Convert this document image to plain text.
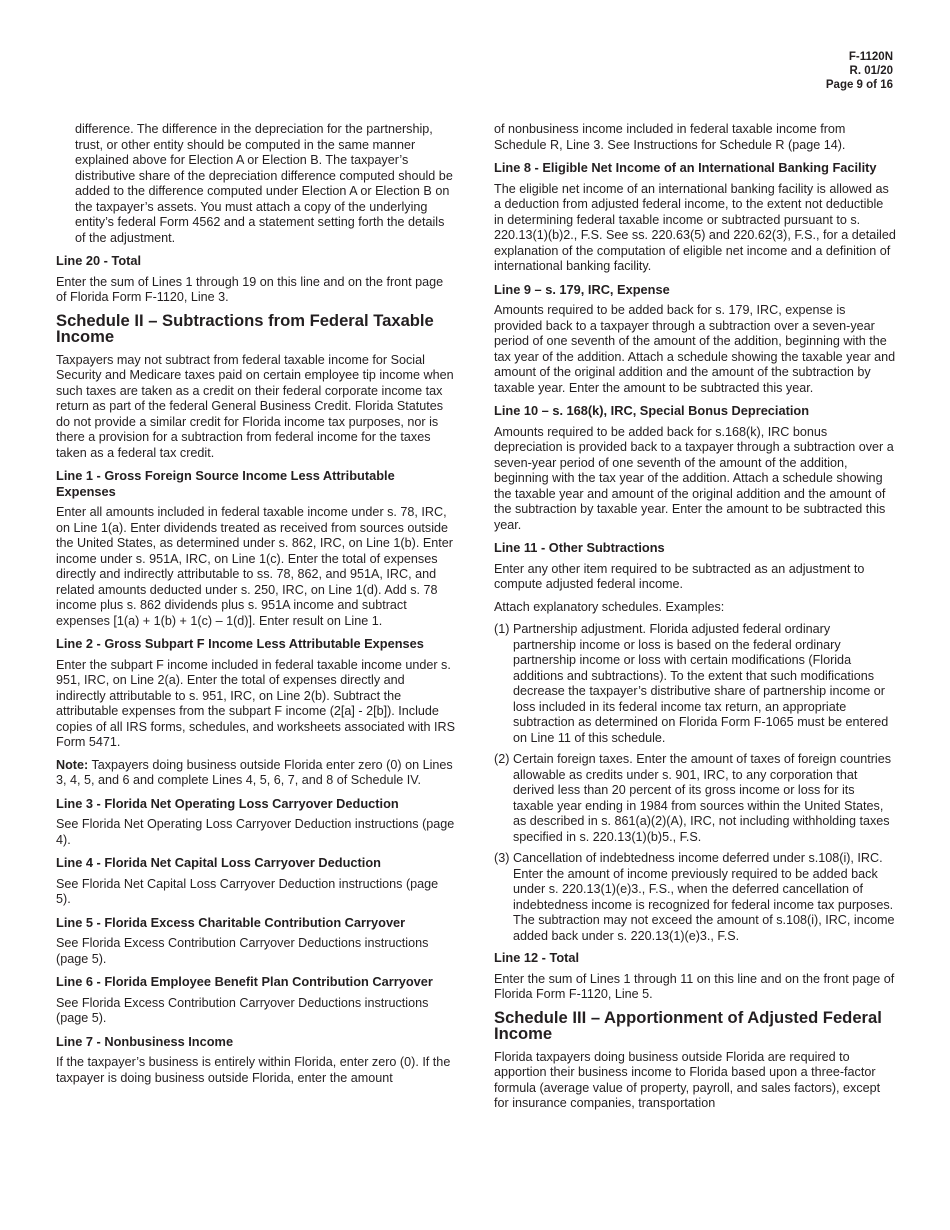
F-1120N
R. 01/20
Page 9 of 16

difference. The difference in the depreciation for the partnership, trust, or other entity should be computed in the same manner explained above for Election A or Election B. The taxpayer’s distributive share of the depreciation difference computed should be added to the difference computed under Election A or Election B on the taxpayer’s assets. You must attach a copy of the underlying entity’s federal Form 4562 and a statement setting forth the details of the adjustment.

Line 20 - Total

Enter the sum of Lines 1 through 19 on this line and on the front page of Florida Form F-1120, Line 3.

Schedule II – Subtractions from Federal Taxable Income

Taxpayers may not subtract from federal taxable income for Social Security and Medicare taxes paid on certain employee tip income when such taxes are taken as a credit on their federal corporate income tax return as part of the federal General Business Credit. Florida Statutes do not provide a similar credit for Florida income tax purposes, nor is there a provision for a subtraction from federal income for the taxes taken as a federal tax credit.

Line 1 - Gross Foreign Source Income Less Attributable Expenses

Enter all amounts included in federal taxable income under s. 78, IRC, on Line 1(a). Enter dividends treated as received from sources outside the United States, as determined under s. 862, IRC, on Line 1(b). Enter income under s. 951A, IRC, on Line 1(c). Enter the total of expenses directly and indirectly attributable to ss. 78, 862, and 951A, IRC, and related amounts deducted under s. 250, IRC, on Line 1(d). Add s. 78 income plus s. 862 dividends plus s. 951A income and subtract expenses [1(a) + 1(b) + 1(c) – 1(d)]. Enter result on Line 1.

Line 2 - Gross Subpart F Income Less Attributable Expenses

Enter the subpart F income included in federal taxable income under s. 951, IRC, on Line 2(a). Enter the total of expenses directly and indirectly attributable to s. 951, IRC, on Line 2(b). Subtract the attributable expenses from the subpart F income (2[a] - 2[b]). Include copies of all IRS forms, schedules, and worksheets associated with IRS Form 5471.

Note: Taxpayers doing business outside Florida enter zero (0) on Lines 3, 4, 5, and 6 and complete Lines 4, 5, 6, 7, and 8 of Schedule IV.

Line 3 - Florida Net Operating Loss Carryover Deduction

See Florida Net Operating Loss Carryover Deduction instructions (page 4).

Line 4 - Florida Net Capital Loss Carryover Deduction

See Florida Net Capital Loss Carryover Deduction instructions (page 5).

Line 5 - Florida Excess Charitable Contribution Carryover

See Florida Excess Contribution Carryover Deductions instructions (page 5).

Line 6 - Florida Employee Benefit Plan Contribution Carryover

See Florida Excess Contribution Carryover Deductions instructions (page 5).

Line 7 - Nonbusiness Income

If the taxpayer’s business is entirely within Florida, enter zero (0). If the taxpayer is doing business outside Florida, enter the amount

of nonbusiness income included in federal taxable income from Schedule R, Line 3. See Instructions for Schedule R (page 14).

Line 8 - Eligible Net Income of an International Banking Facility

The eligible net income of an international banking facility is allowed as a deduction from adjusted federal income, to the extent not deductible in determining federal taxable income or subtracted pursuant to s. 220.13(1)(b)2., F.S. See ss. 220.63(5) and 220.62(3), F.S., for a detailed explanation of the computation of eligible net income and a definition of international banking facility.

Line 9 – s. 179, IRC, Expense

Amounts required to be added back for s. 179, IRC, expense is provided back to a taxpayer through a subtraction over a seven-year period of one seventh of the amount of the addition, beginning with the tax year of the addition. Attach a schedule showing the taxable year and amount of the original addition and the amount of the subtraction by taxable year. Enter the amount to be subtracted this year.

Line 10 – s. 168(k), IRC, Special Bonus Depreciation

Amounts required to be added back for s.168(k), IRC bonus depreciation is provided back to a taxpayer through a subtraction over a seven-year period of one seventh of the amount of the addition, beginning with the tax year of the addition. Attach a schedule showing the taxable year and amount of the original addition and the amount of the subtraction by taxable year. Enter the amount to be subtracted this year.

Line 11 - Other Subtractions

Enter any other item required to be subtracted as an adjustment to compute adjusted federal income.

Attach explanatory schedules. Examples:

(1) Partnership adjustment. Florida adjusted federal ordinary partnership income or loss is based on the federal ordinary partnership income or loss with certain modifications (Florida additions and subtractions). To the extent that such modifications decrease the taxpayer’s distributive share of partnership income or loss included in its federal income tax return, an appropriate subtraction as determined on Florida Form F-1065 must be entered on Line 11 of this schedule.
(2) Certain foreign taxes. Enter the amount of taxes of foreign countries allowable as credits under s. 901, IRC, to any corporation that derived less than 20 percent of its gross income or loss for its taxable year ending in 1984 from sources within the United States, as described in s. 861(a)(2)(A), IRC, not including withholding taxes specified in s. 220.13(1)(b)5., F.S.
(3) Cancellation of indebtedness income deferred under s.108(i), IRC. Enter the amount of income previously required to be added back under s. 220.13(1)(e)3., F.S., when the deferred cancellation of indebtedness income is recognized for federal income tax purposes. The subtraction may not exceed the amount of s.108(i), IRC, income added back under s. 220.13(1)(e)3., F.S.
Line 12 - Total

Enter the sum of Lines 1 through 11 on this line and on the front page of Florida Form F-1120, Line 5.

Schedule III – Apportionment of Adjusted Federal Income

Florida taxpayers doing business outside Florida are required to apportion their business income to Florida based upon a three-factor formula (average value of property, payroll, and sales factors), except for insurance companies, transportation
